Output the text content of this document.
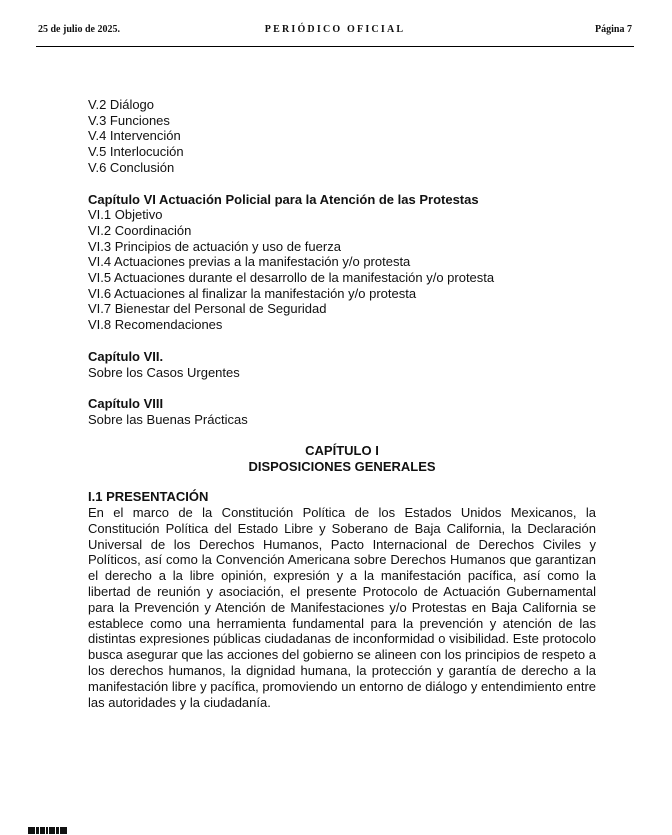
25 de julio de 2025.	PERIÓDICO OFICIAL	Página 7
V.2 Diálogo
V.3 Funciones
V.4 Intervención
V.5 Interlocución
V.6 Conclusión
Capítulo VI Actuación Policial para la Atención de las Protestas
VI.1 Objetivo
VI.2 Coordinación
VI.3 Principios de actuación y uso de fuerza
VI.4 Actuaciones previas a la manifestación y/o protesta
VI.5 Actuaciones durante el desarrollo de la manifestación y/o protesta
VI.6 Actuaciones al finalizar la manifestación y/o protesta
VI.7 Bienestar del Personal de Seguridad
VI.8 Recomendaciones
Capítulo VII.
Sobre los Casos Urgentes
Capítulo VIII
Sobre las Buenas Prácticas
CAPÍTULO I
DISPOSICIONES GENERALES
I.1 PRESENTACIÓN
En el marco de la Constitución Política de los Estados Unidos Mexicanos, la Constitución Política del Estado Libre y Soberano de Baja California, la Declaración Universal de los Derechos Humanos, Pacto Internacional de Derechos Civiles y Políticos, así como la Convención Americana sobre Derechos Humanos que garantizan el derecho a la libre opinión, expresión y a la manifestación pacífica, así como la libertad de reunión y asociación, el presente Protocolo de Actuación Gubernamental para la Prevención y Atención de Manifestaciones y/o Protestas en Baja California se establece como una herramienta fundamental para la prevención y atención de las distintas expresiones públicas ciudadanas de inconformidad o visibilidad. Este protocolo busca asegurar que las acciones del gobierno se alineen con los principios de respeto a los derechos humanos, la dignidad humana, la protección y garantía de derecho a la manifestación libre y pacífica, promoviendo un entorno de diálogo y entendimiento entre las autoridades y la ciudadanía.
